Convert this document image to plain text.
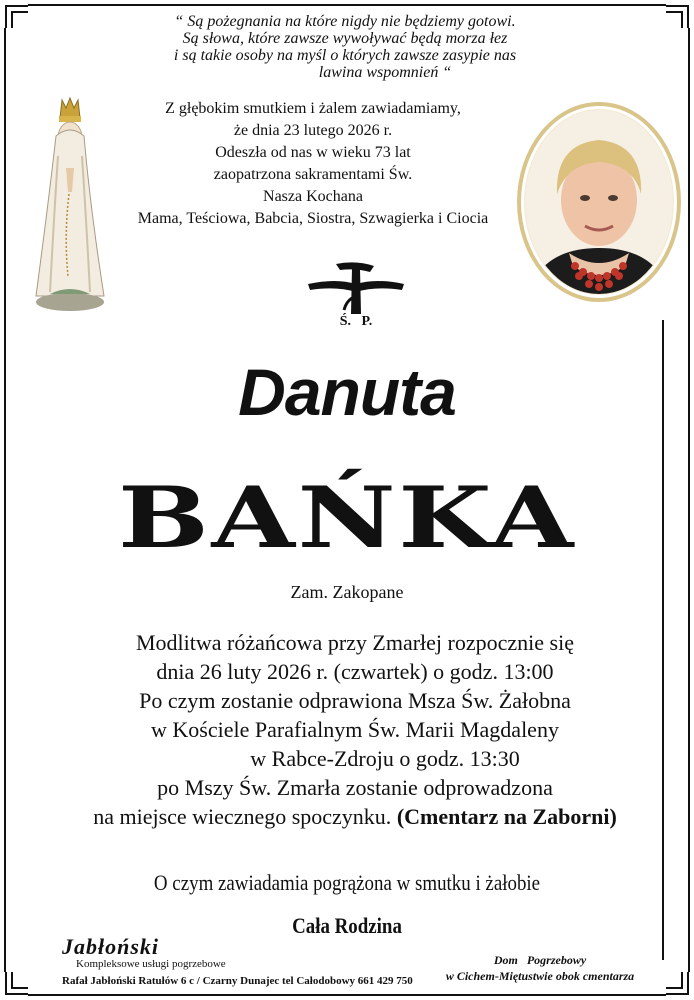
“ Są pożegnania na które nigdy nie będziemy gotowi.
Są słowa, które zawsze wywoływać będą morza łez
i są takie osoby na myśl o których zawsze zasypie nas
lawina wspomnień “
Z głębokim smutkiem i żalem zawiadamiamy,
że dnia 23 lutego 2026 r.
Odeszła od nas w wieku 73 lat
zaopatrzona sakramentami Św.
Nasza Kochana
Mama, Teściowa, Babcia, Siostra, Szwagierka i Ciocia
Ś.   P.
Danuta
BAŃKA
Zam. Zakopane
Modlitwa różańcowa przy Zmarłej rozpocznie się
dnia 26 luty 2026 r. (czwartek) o godz. 13:00
Po czym zostanie odprawiona Msza Św. Żałobna
w Kościele Parafialnym Św. Marii Magdaleny
w Rabce-Zdroju o godz. 13:30
po Mszy Św. Zmarła zostanie odprowadzona
na miejsce wiecznego spoczynku. (Cmentarz na Zaborni)
O czym zawiadamia pogrążona w smutku i żałobie
Cała Rodzina
Jabłoński
Kompleksowe usługi pogrzebowe
Rafał Jabłoński Ratułów 6 c / Czarny Dunajec tel Całodobowy 661 429 750
Dom   Pogrzebowy
w Cichem-Miętustwie obok cmentarza
